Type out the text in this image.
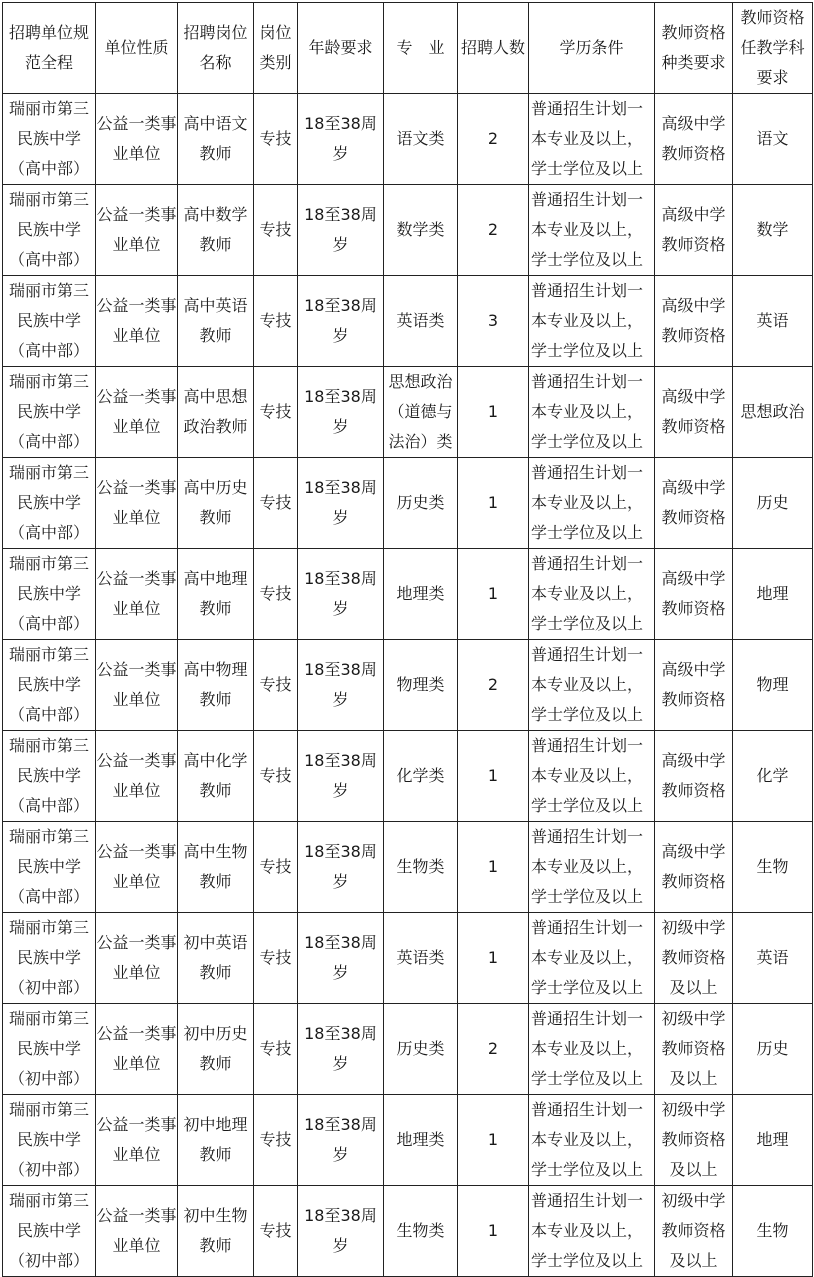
招聘单位规范全程	单位性质	招聘岗位名称	岗位类别	年龄要求	专　业	招聘人数	学历条件	教师资格种类要求	教师资格任教学科要求
瑞丽市第三民族中学（高中部）	公益一类事业单位	高中语文教师	专技	18至38周岁	语文类	2	普通招生计划一本专业及以上，学士学位及以上	高级中学教师资格	语文
瑞丽市第三民族中学（高中部）	公益一类事业单位	高中数学教师	专技	18至38周岁	数学类	2	普通招生计划一本专业及以上，学士学位及以上	高级中学教师资格	数学
瑞丽市第三民族中学（高中部）	公益一类事业单位	高中英语教师	专技	18至38周岁	英语类	3	普通招生计划一本专业及以上，学士学位及以上	高级中学教师资格	英语
瑞丽市第三民族中学（高中部）	公益一类事业单位	高中思想政治教师	专技	18至38周岁	思想政治（道德与法治）类	1	普通招生计划一本专业及以上，学士学位及以上	高级中学教师资格	思想政治
瑞丽市第三民族中学（高中部）	公益一类事业单位	高中历史教师	专技	18至38周岁	历史类	1	普通招生计划一本专业及以上，学士学位及以上	高级中学教师资格	历史
瑞丽市第三民族中学（高中部）	公益一类事业单位	高中地理教师	专技	18至38周岁	地理类	1	普通招生计划一本专业及以上，学士学位及以上	高级中学教师资格	地理
瑞丽市第三民族中学（高中部）	公益一类事业单位	高中物理教师	专技	18至38周岁	物理类	2	普通招生计划一本专业及以上，学士学位及以上	高级中学教师资格	物理
瑞丽市第三民族中学（高中部）	公益一类事业单位	高中化学教师	专技	18至38周岁	化学类	1	普通招生计划一本专业及以上，学士学位及以上	高级中学教师资格	化学
瑞丽市第三民族中学（高中部）	公益一类事业单位	高中生物教师	专技	18至38周岁	生物类	1	普通招生计划一本专业及以上，学士学位及以上	高级中学教师资格	生物
瑞丽市第三民族中学（初中部）	公益一类事业单位	初中英语教师	专技	18至38周岁	英语类	1	普通招生计划一本专业及以上，学士学位及以上	初级中学教师资格及以上	英语
瑞丽市第三民族中学（初中部）	公益一类事业单位	初中历史教师	专技	18至38周岁	历史类	2	普通招生计划一本专业及以上，学士学位及以上	初级中学教师资格及以上	历史
瑞丽市第三民族中学（初中部）	公益一类事业单位	初中地理教师	专技	18至38周岁	地理类	1	普通招生计划一本专业及以上，学士学位及以上	初级中学教师资格及以上	地理
瑞丽市第三民族中学（初中部）	公益一类事业单位	初中生物教师	专技	18至38周岁	生物类	1	普通招生计划一本专业及以上，学士学位及以上	初级中学教师资格及以上	生物
